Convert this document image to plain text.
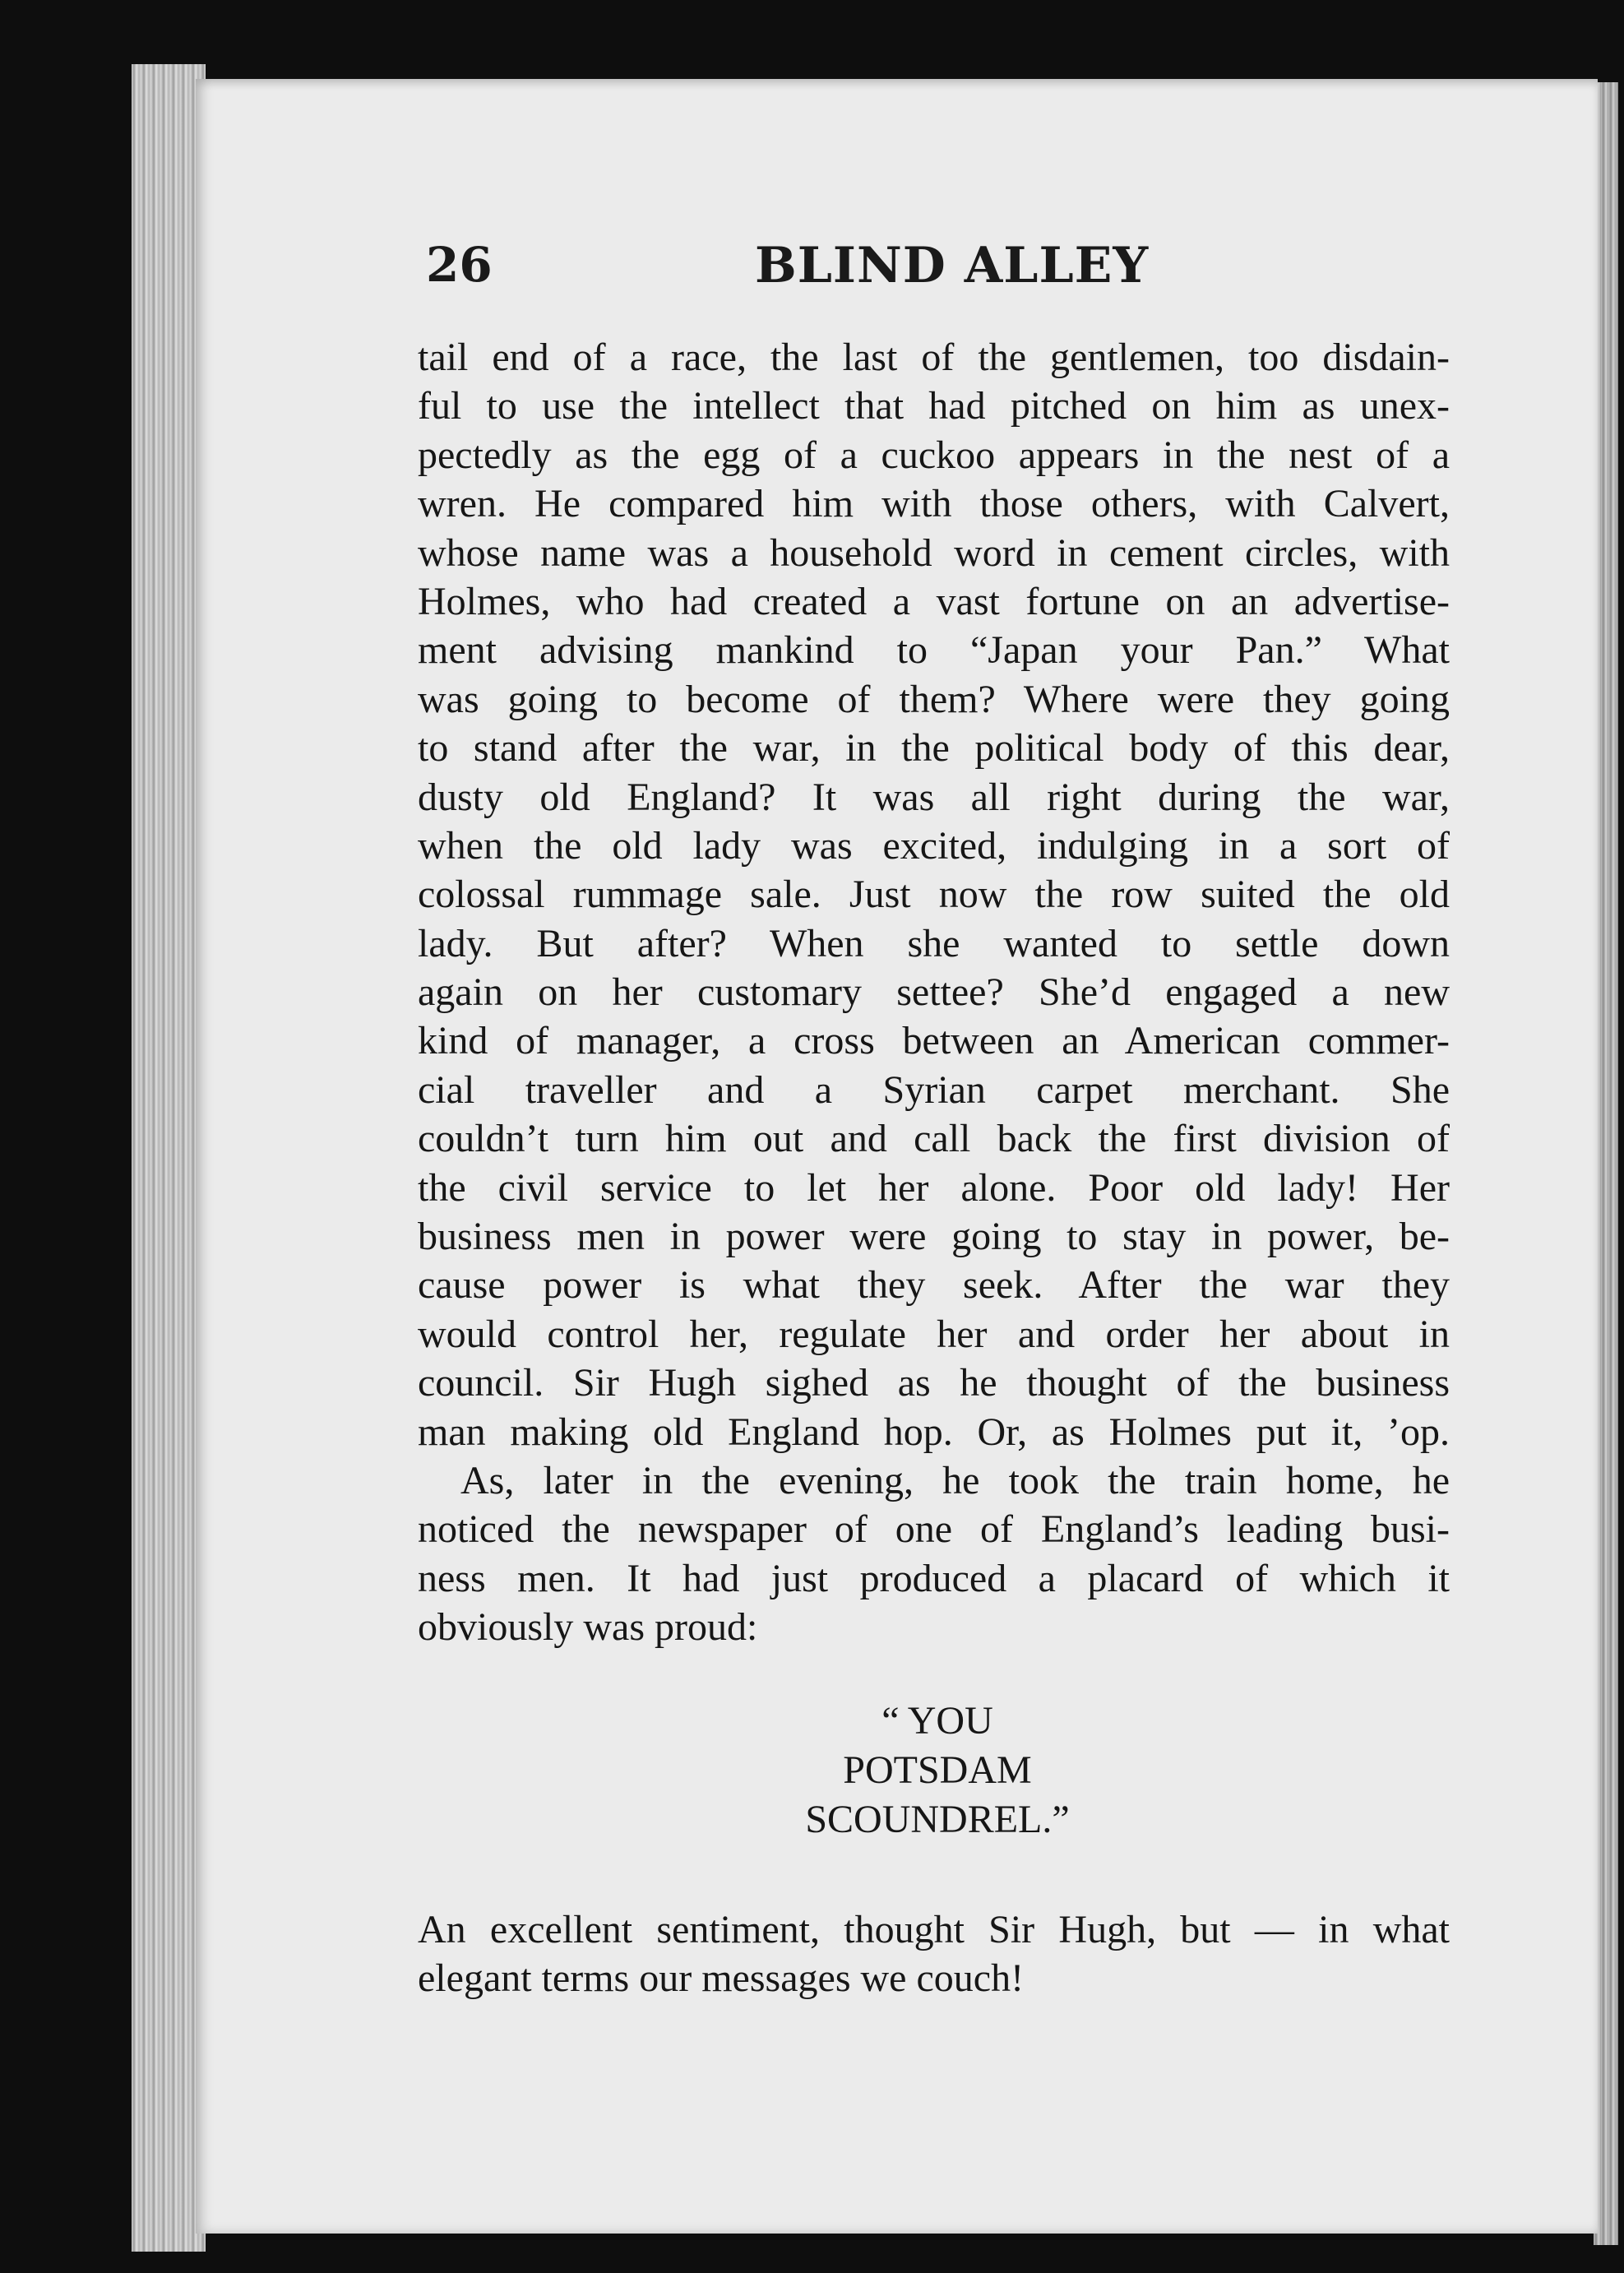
26	BLIND ALLEY
tail end of a race, the last of the gentlemen, too disdain-
ful to use the intellect that had pitched on him as unex-
pectedly as the egg of a cuckoo appears in the nest of a
wren. He compared him with those others, with Calvert,
whose name was a household word in cement circles, with
Holmes, who had created a vast fortune on an advertise-
ment advising mankind to “Japan your Pan.” What
was going to become of them? Where were they going
to stand after the war, in the political body of this dear,
dusty old England? It was all right during the war,
when the old lady was excited, indulging in a sort of
colossal rummage sale. Just now the row suited the old
lady. But after? When she wanted to settle down
again on her customary settee? She’d engaged a new
kind of manager, a cross between an American commer-
cial traveller and a Syrian carpet merchant. She
couldn’t turn him out and call back the first division of
the civil service to let her alone. Poor old lady! Her
business men in power were going to stay in power, be-
cause power is what they seek. After the war they
would control her, regulate her and order her about in
council. Sir Hugh sighed as he thought of the business
man making old England hop. Or, as Holmes put it, ’op.
As, later in the evening, he took the train home, he
noticed the newspaper of one of England’s leading busi-
ness men. It had just produced a placard of which it
obviously was proud:
“ YOU
POTSDAM
SCOUNDREL.”
An excellent sentiment, thought Sir Hugh, but — in what
elegant terms our messages we couch!
